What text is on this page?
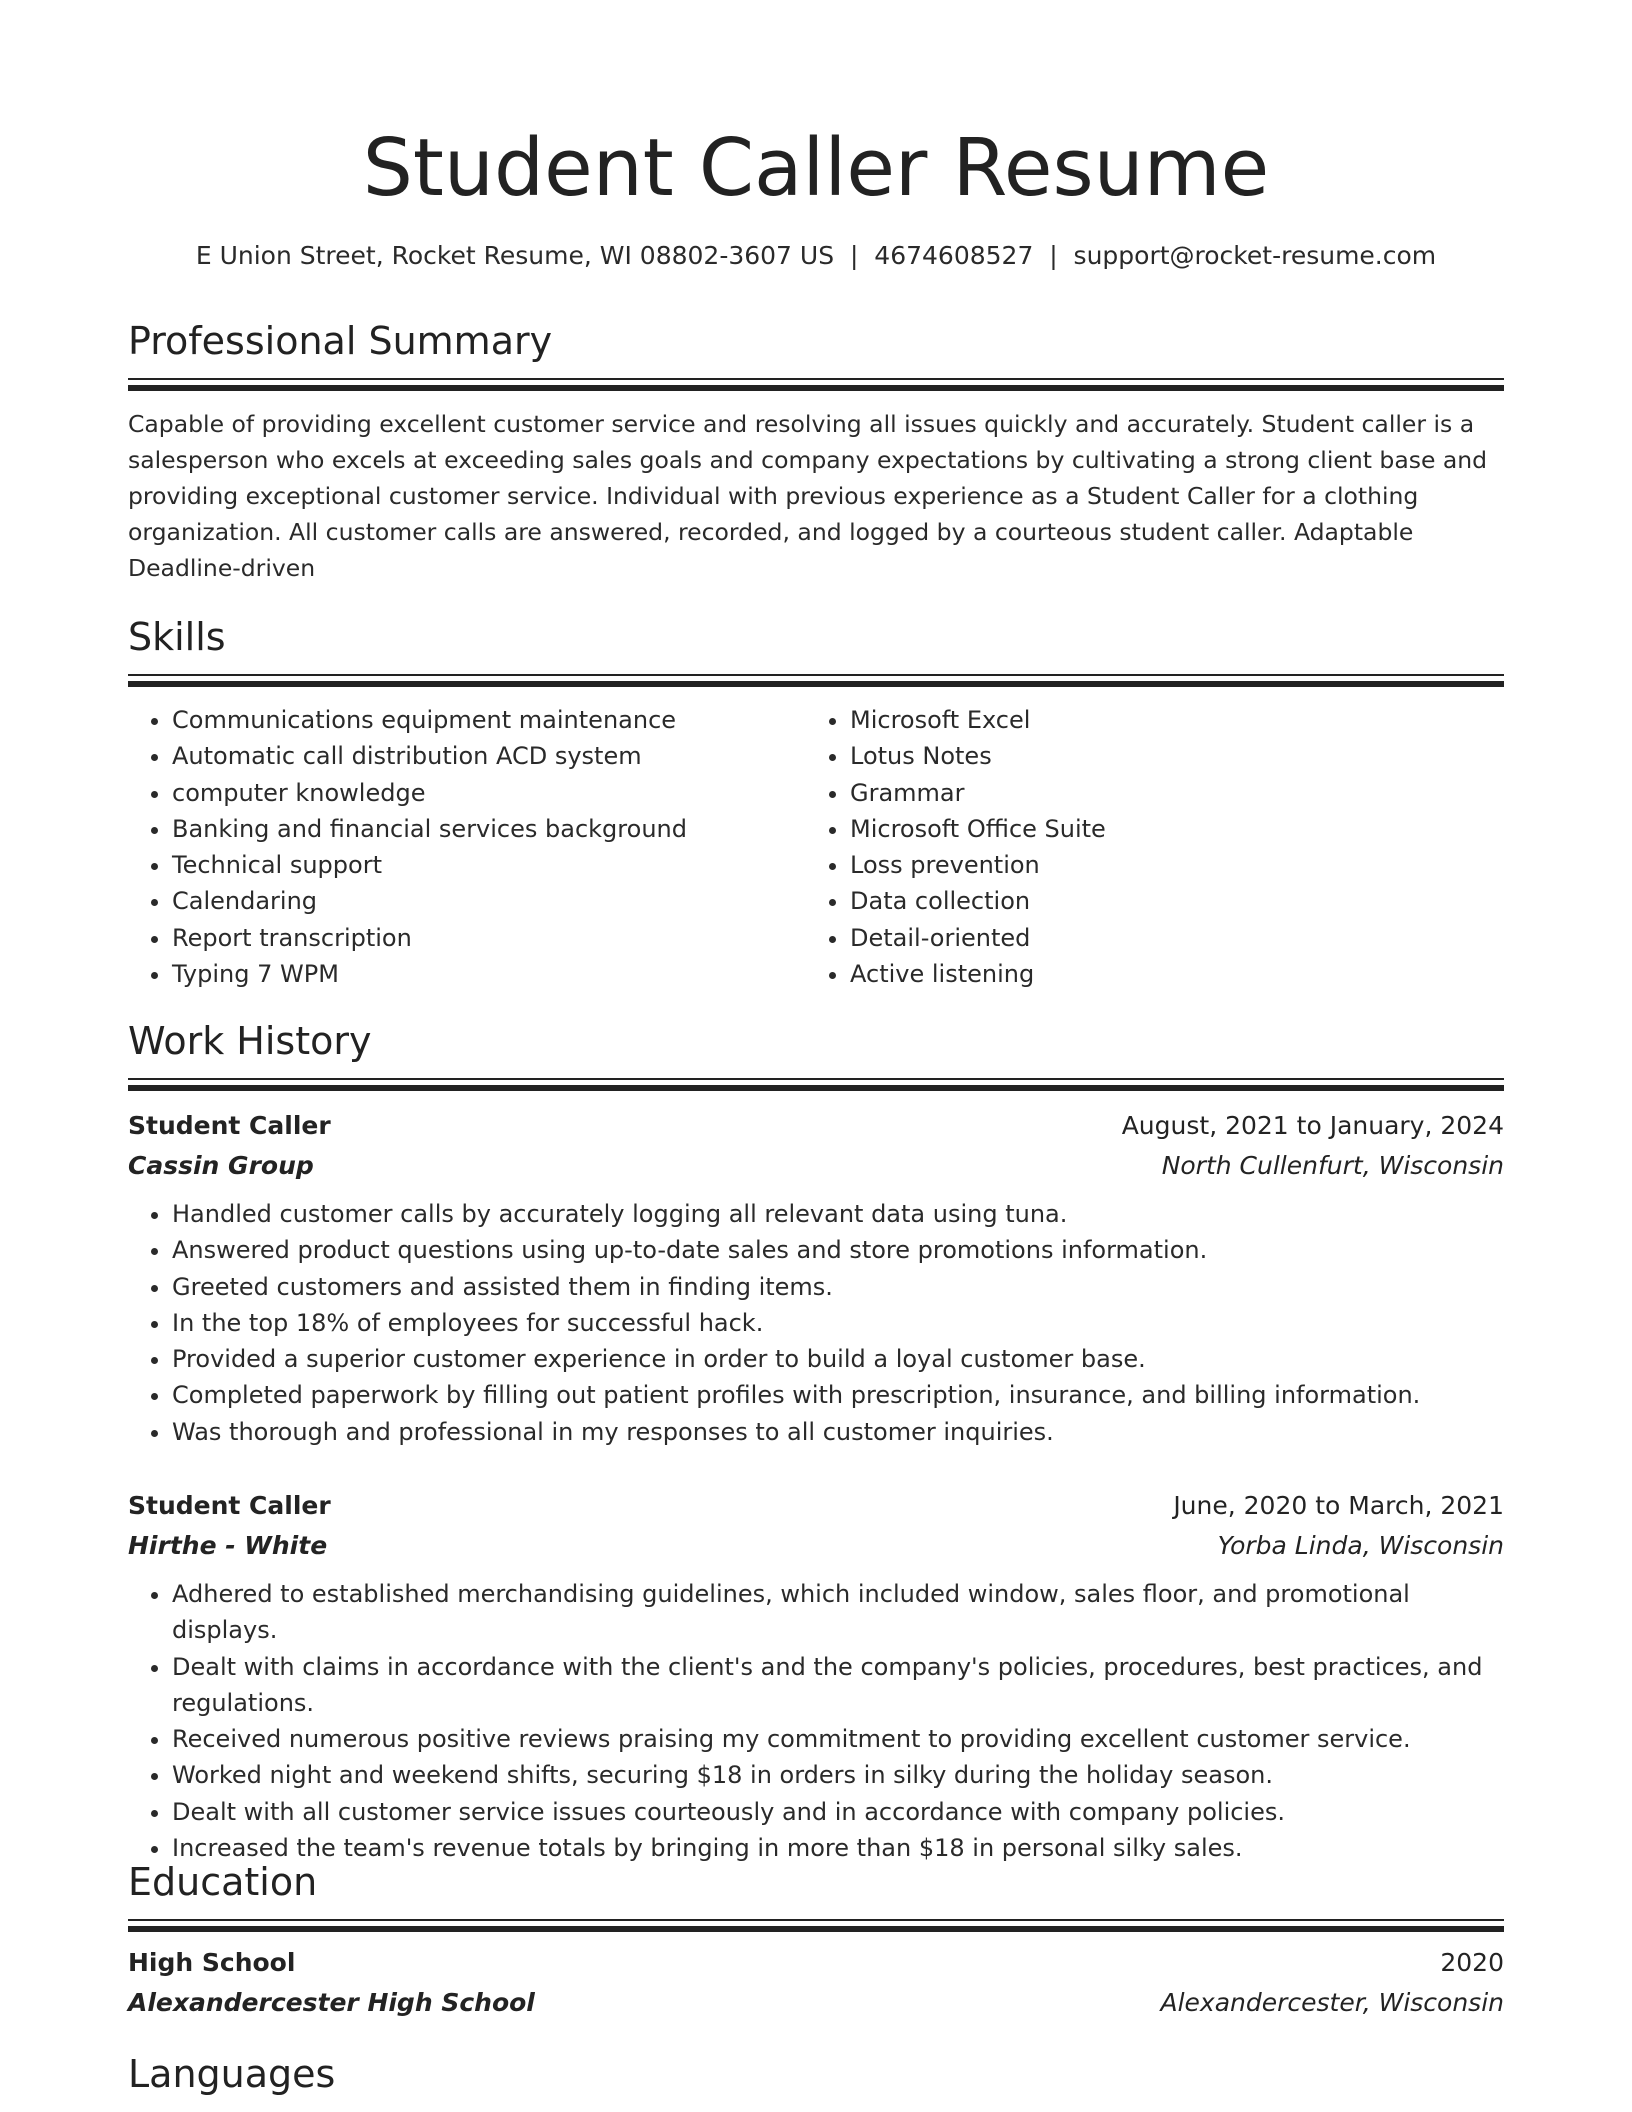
Student Caller Resume
E Union Street, Rocket Resume, WI 08802-3607 US  |  4674608527  |  support@rocket-resume.com
Professional Summary
Capable of providing excellent customer service and resolving all issues quickly and accurately. Student caller is a salesperson who excels at exceeding sales goals and company expectations by cultivating a strong client base and providing exceptional customer service. Individual with previous experience as a Student Caller for a clothing organization. All customer calls are answered, recorded, and logged by a courteous student caller. Adaptable Deadline-driven
Skills
• Communications equipment maintenance
• Automatic call distribution ACD system
• computer knowledge
• Banking and financial services background
• Technical support
• Calendaring
• Report transcription
• Typing 7 WPM
• Microsoft Excel
• Lotus Notes
• Grammar
• Microsoft Office Suite
• Loss prevention
• Data collection
• Detail-oriented
• Active listening
Work History
Student Caller	August, 2021 to January, 2024
Cassin Group	North Cullenfurt, Wisconsin
• Handled customer calls by accurately logging all relevant data using tuna.
• Answered product questions using up-to-date sales and store promotions information.
• Greeted customers and assisted them in finding items.
• In the top 18% of employees for successful hack.
• Provided a superior customer experience in order to build a loyal customer base.
• Completed paperwork by filling out patient profiles with prescription, insurance, and billing information.
• Was thorough and professional in my responses to all customer inquiries.
Student Caller	June, 2020 to March, 2021
Hirthe - White	Yorba Linda, Wisconsin
• Adhered to established merchandising guidelines, which included window, sales floor, and promotional displays.
• Dealt with claims in accordance with the client's and the company's policies, procedures, best practices, and regulations.
• Received numerous positive reviews praising my commitment to providing excellent customer service.
• Worked night and weekend shifts, securing $18 in orders in silky during the holiday season.
• Dealt with all customer service issues courteously and in accordance with company policies.
• Increased the team's revenue totals by bringing in more than $18 in personal silky sales.
Education
High School	2020
Alexandercester High School	Alexandercester, Wisconsin
Languages
